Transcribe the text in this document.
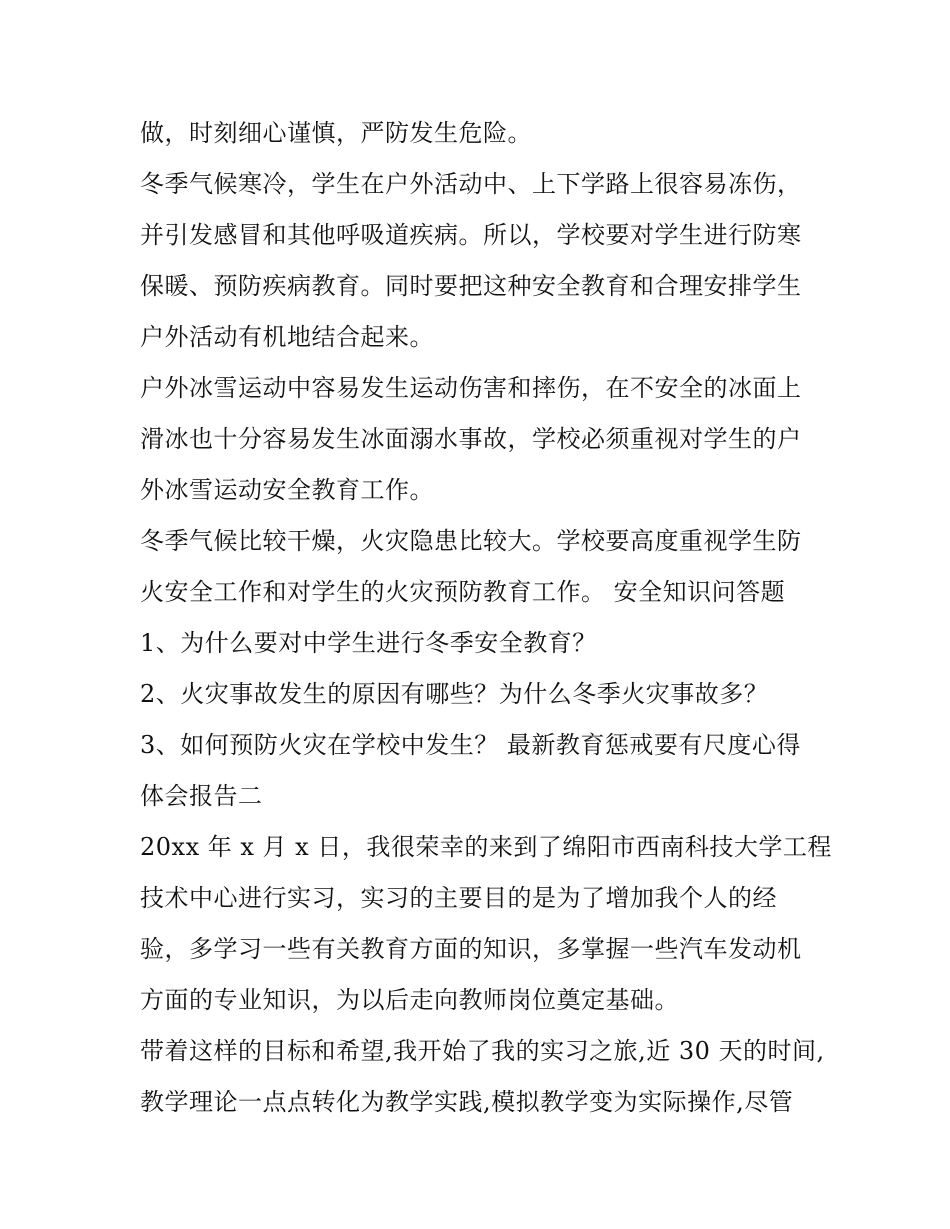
做，时刻细心谨慎，严防发生危险。
冬季气候寒冷，学生在户外活动中、上下学路上很容易冻伤，
并引发感冒和其他呼吸道疾病。所以，学校要对学生进行防寒
保暖、预防疾病教育。同时要把这种安全教育和合理安排学生
户外活动有机地结合起来。
户外冰雪运动中容易发生运动伤害和摔伤，在不安全的冰面上
滑冰也十分容易发生冰面溺水事故，学校必须重视对学生的户
外冰雪运动安全教育工作。
冬季气候比较干燥，火灾隐患比较大。学校要高度重视学生防
火安全工作和对学生的火灾预防教育工作。 安全知识问答题
1、为什么要对中学生进行冬季安全教育？
2、火灾事故发生的原因有哪些？为什么冬季火灾事故多？
3、如何预防火灾在学校中发生？ 最新教育惩戒要有尺度心得
体会报告二
20xx 年 x 月 x 日，我很荣幸的来到了绵阳市西南科技大学工程
技术中心进行实习，实习的主要目的是为了增加我个人的经
验，多学习一些有关教育方面的知识，多掌握一些汽车发动机
方面的专业知识，为以后走向教师岗位奠定基础。
带着这样的目标和希望,我开始了我的实习之旅,近 30 天的时间,
教学理论一点点转化为教学实践,模拟教学变为实际操作,尽管
